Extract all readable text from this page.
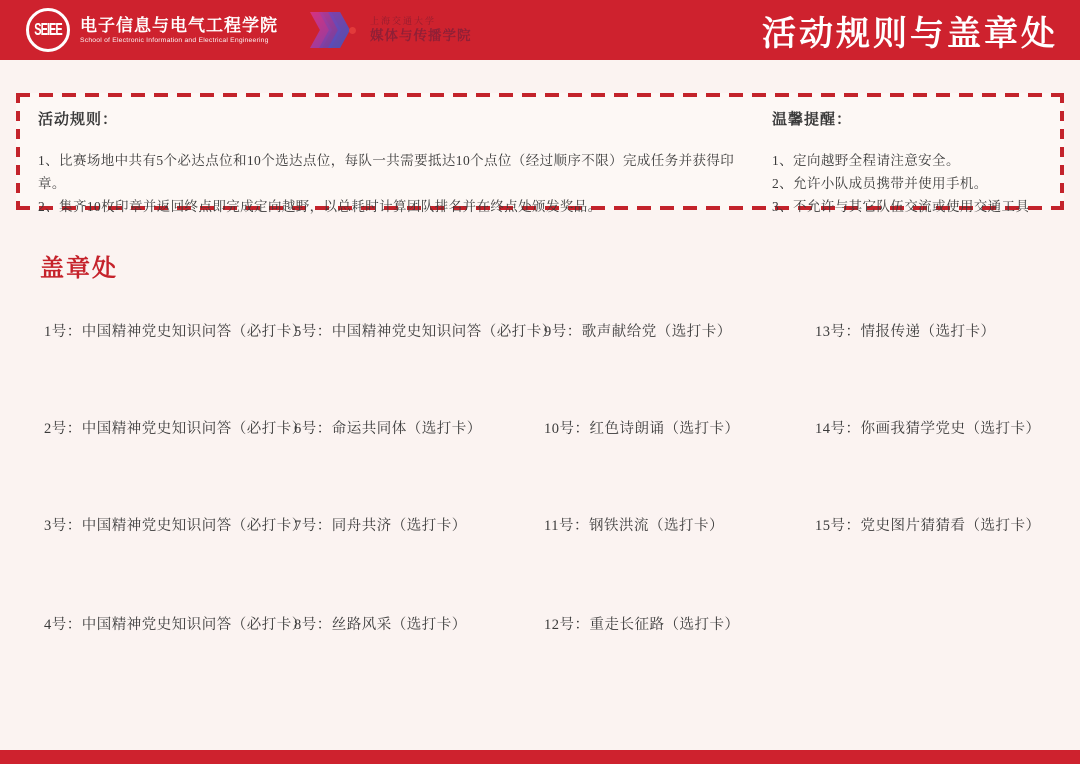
SEIEE 电子信息与电气工程学院
School of Electronic Information and Electrical Engineering
上海交通大学
媒体与传播学院	活动规则与盖章处
活动规则：
1、比赛场地中共有5个必达点位和10个选达点位，每队一共需要抵达10个点位（经过顺序不限）完成任务并获得印章。
2、集齐10枚印章并返回终点即完成定向越野，以总耗时计算团队排名并在终点处颁发奖品。
温馨提醒：
1、定向越野全程请注意安全。
2、允许小队成员携带并使用手机。
3、不允许与其它队伍交流或使用交通工具
盖章处
1号：中国精神党史知识问答（必打卡）
2号：中国精神党史知识问答（必打卡）
3号：中国精神党史知识问答（必打卡）
4号：中国精神党史知识问答（必打卡）
5号：中国精神党史知识问答（必打卡）
6号：命运共同体（选打卡）
7号：同舟共济（选打卡）
8号：丝路风采（选打卡）
9号：歌声献给党（选打卡）
10号：红色诗朗诵（选打卡）
11号：钢铁洪流（选打卡）
12号：重走长征路（选打卡）
13号：情报传递（选打卡）
14号：你画我猜学党史（选打卡）
15号：党史图片猜猜看（选打卡）
